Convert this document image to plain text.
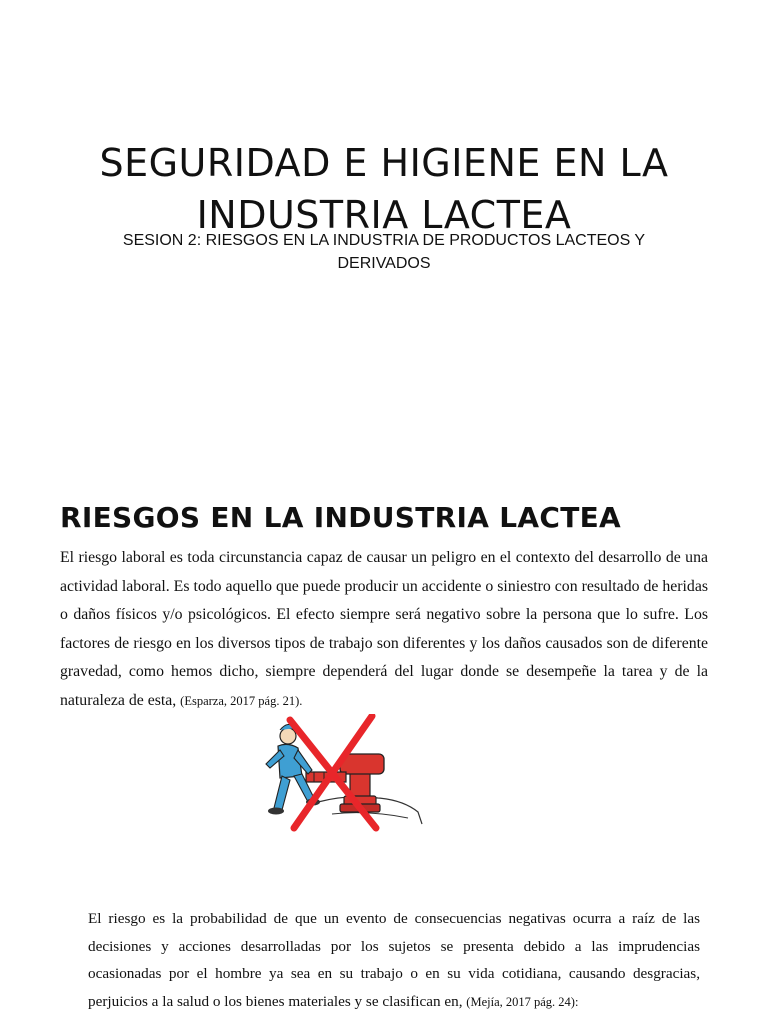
SEGURIDAD E HIGIENE EN LA INDUSTRIA LACTEA
SESION 2: RIESGOS EN LA INDUSTRIA DE PRODUCTOS LACTEOS Y DERIVADOS
RIESGOS EN LA INDUSTRIA LACTEA

El riesgo laboral es toda circunstancia capaz de causar un peligro en el contexto del desarrollo de una actividad laboral. Es todo aquello que puede producir un accidente o siniestro con resultado de heridas o daños físicos y/o psicológicos. El efecto siempre será negativo sobre la persona que lo sufre. Los factores de riesgo en los diversos tipos de trabajo son diferentes y los daños causados son de diferente gravedad, como hemos dicho, siempre dependerá del lugar donde se desempeñe la tarea y de la naturaleza de esta, (Esparza, 2017 pág. 21).

El riesgo es la probabilidad de que un evento de consecuencias negativas ocurra a raíz de las decisiones y acciones desarrolladas por los sujetos se presenta debido a las imprudencias ocasionadas por el hombre ya sea en su trabajo o en su vida cotidiana, causando desgracias, perjuicios a la salud o los bienes materiales y se clasifican en, (Mejía, 2017 pág. 24):
